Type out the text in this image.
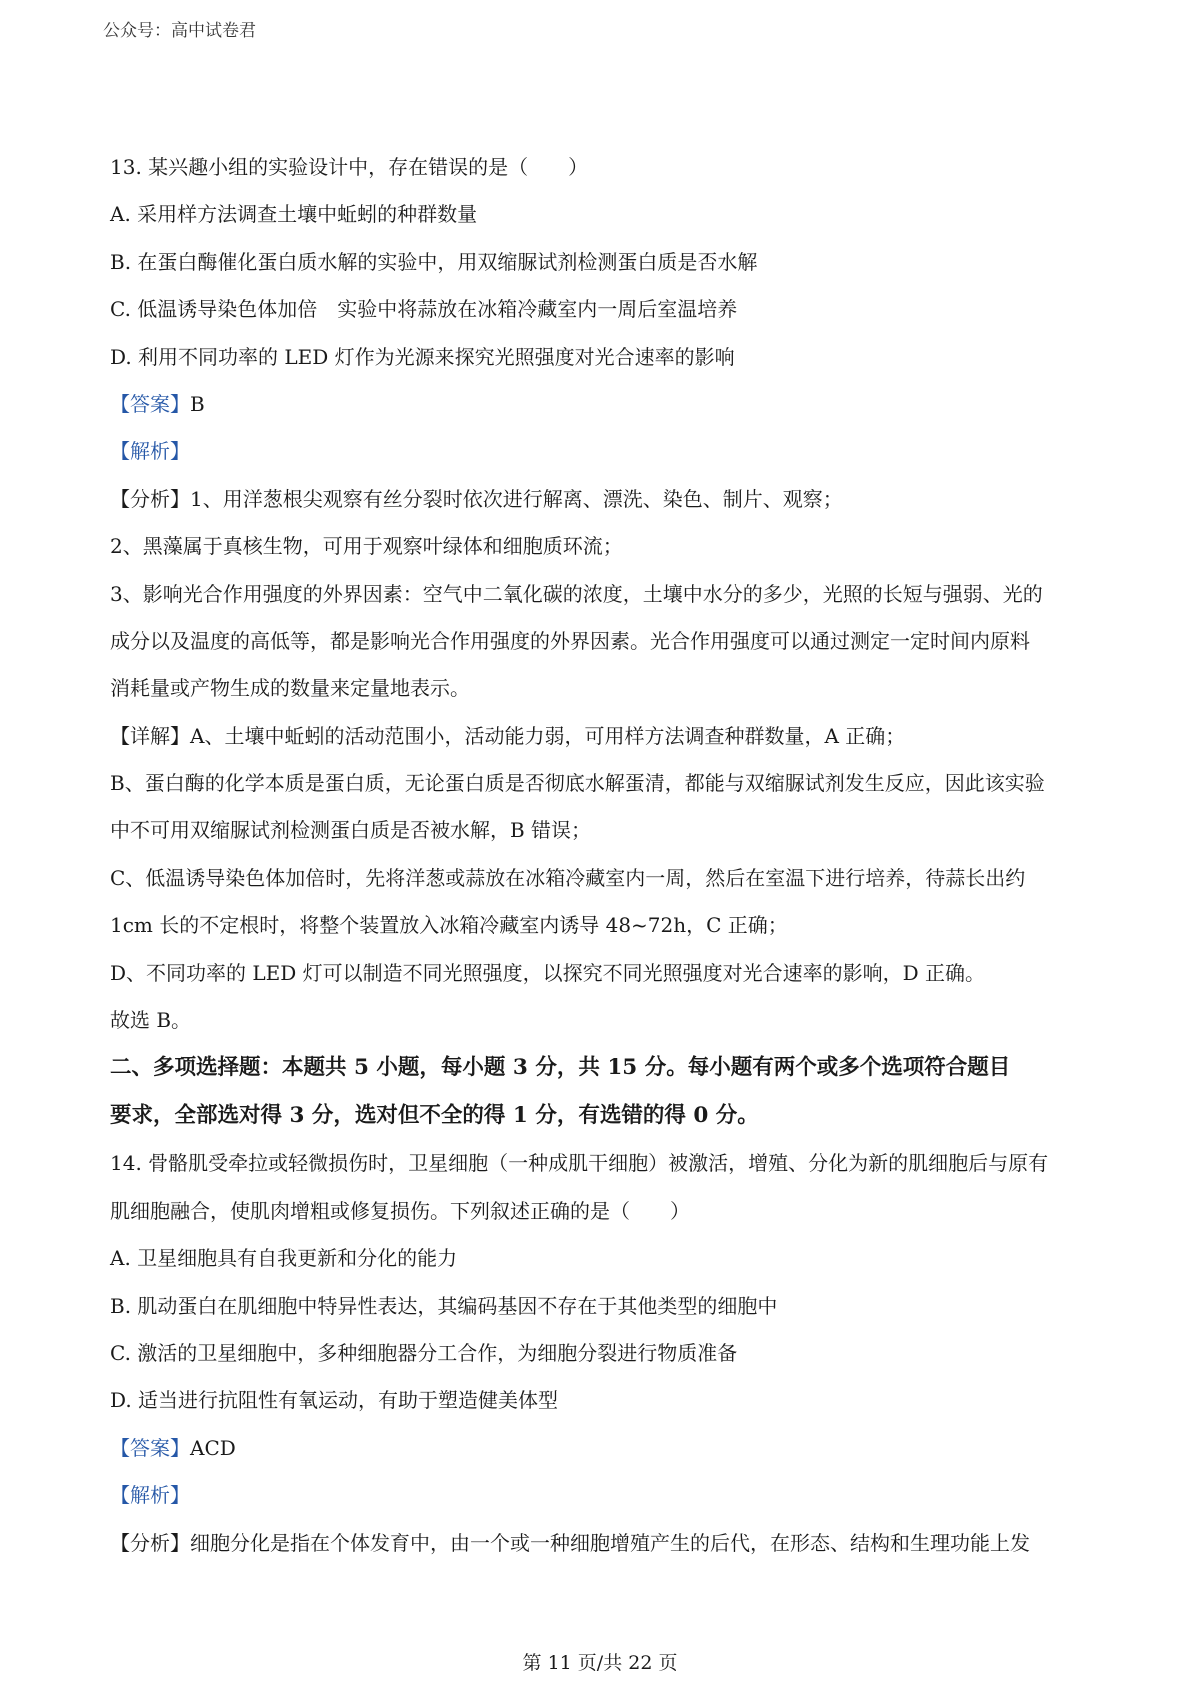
公众号：高中试卷君
13. 某兴趣小组的实验设计中，存在错误的是（　　）
A. 采用样方法调查土壤中蚯蚓的种群数量
B. 在蛋白酶催化蛋白质水解的实验中，用双缩脲试剂检测蛋白质是否水解
C. 低温诱导染色体加倍　实验中将蒜放在冰箱冷藏室内一周后室温培养
D. 利用不同功率的 LED 灯作为光源来探究光照强度对光合速率的影响
【答案】B
【解析】
【分析】1、用洋葱根尖观察有丝分裂时依次进行解离、漂洗、染色、制片、观察；
2、黑藻属于真核生物，可用于观察叶绿体和细胞质环流；
3、影响光合作用强度的外界因素：空气中二氧化碳的浓度，土壤中水分的多少，光照的长短与强弱、光的
成分以及温度的高低等，都是影响光合作用强度的外界因素。光合作用强度可以通过测定一定时间内原料
消耗量或产物生成的数量来定量地表示。
【详解】A、土壤中蚯蚓的活动范围小，活动能力弱，可用样方法调查种群数量，A 正确；
B、蛋白酶的化学本质是蛋白质，无论蛋白质是否彻底水解蛋清，都能与双缩脲试剂发生反应，因此该实验
中不可用双缩脲试剂检测蛋白质是否被水解，B 错误；
C、低温诱导染色体加倍时，先将洋葱或蒜放在冰箱冷藏室内一周，然后在室温下进行培养，待蒜长出约
1cm 长的不定根时，将整个装置放入冰箱冷藏室内诱导 48~72h，C 正确；
D、不同功率的 LED 灯可以制造不同光照强度，以探究不同光照强度对光合速率的影响，D 正确。
故选 B。
二、多项选择题：本题共 5 小题，每小题 3 分，共 15 分。每小题有两个或多个选项符合题目
要求，全部选对得 3 分，选对但不全的得 1 分，有选错的得 0 分。
14. 骨骼肌受牵拉或轻微损伤时，卫星细胞（一种成肌干细胞）被激活，增殖、分化为新的肌细胞后与原有
肌细胞融合，使肌肉增粗或修复损伤。下列叙述正确的是（　　）
A. 卫星细胞具有自我更新和分化的能力
B. 肌动蛋白在肌细胞中特异性表达，其编码基因不存在于其他类型的细胞中
C. 激活的卫星细胞中，多种细胞器分工合作，为细胞分裂进行物质准备
D. 适当进行抗阻性有氧运动，有助于塑造健美体型
【答案】ACD
【解析】
【分析】细胞分化是指在个体发育中，由一个或一种细胞增殖产生的后代，在形态、结构和生理功能上发
第 11 页/共 22 页
